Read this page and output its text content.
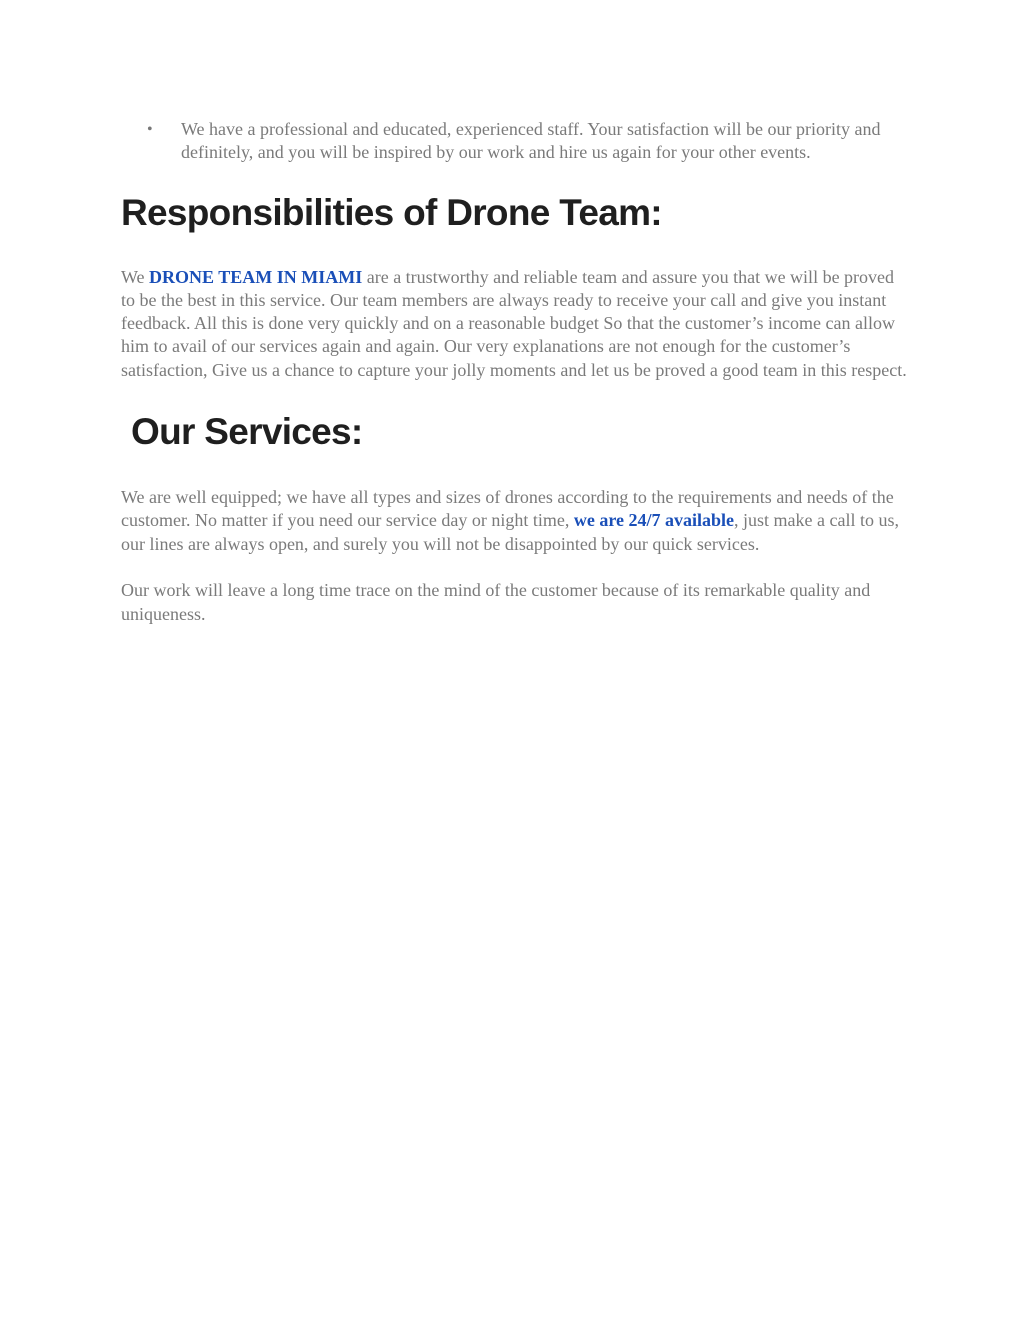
• We have a professional and educated, experienced staff. Your satisfaction will be our priority and definitely, and you will be inspired by our work and hire us again for your other events.
Responsibilities of Drone Team:

We DRONE TEAM IN MIAMI are a trustworthy and reliable team and assure you that we will be proved to be the best in this service. Our team members are always ready to receive your call and give you instant feedback. All this is done very quickly and on a reasonable budget So that the customer’s income can allow him to avail of our services again and again. Our very explanations are not enough for the customer’s satisfaction, Give us a chance to capture your jolly moments and let us be proved a good team in this respect.

Our Services:

We are well equipped; we have all types and sizes of drones according to the requirements and needs of the customer. No matter if you need our service day or night time, we are 24/7 available, just make a call to us, our lines are always open, and surely you will not be disappointed by our quick services.

Our work will leave a long time trace on the mind of the customer because of its remarkable quality and uniqueness.
